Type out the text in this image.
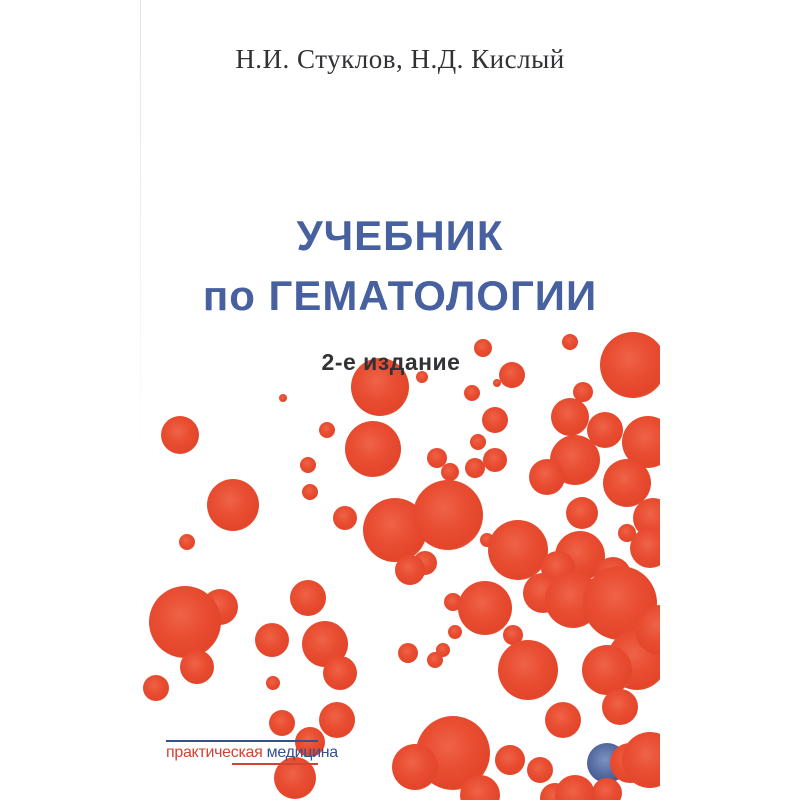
Н.И. Стуклов, Н.Д. Кислый
УЧЕБНИК
по ГЕМАТОЛОГИИ
2-е издание
практическая медицина
